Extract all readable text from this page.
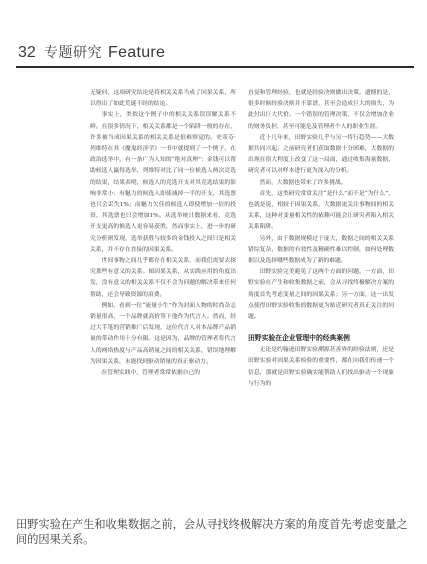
32 专题研究 Feature

无疑问，这项研究结论是将相关关系当成了因果关系，所以得出了如此荒诞不经的结论。

事实上，类似这个例子中的相关关系误误解关系不鲜。在很多情况下，相关关系都是一个陷阱一般的存在，许多被当成因果关系的相关关系是很难察觉的。史蒂芬·列维特在其《魔鬼经济学》一书中就提到了一个例子。在政治选举中，有一条广为人知的“绝对真理”：金钱可以帮助候选人赢得选举，列维特对比了同一位候选人两次竞选的结果，结果表明，候选人的竞选开支对其竞选结果的影响非常小：有魅力的候选人即使减掉一半的开支，其选票也只会丢失1%；而魅力欠佳的候选人即使增加一倍的投资，其选票也只会增加1%。从选举统计数据来看，竞选开支更高的候选人更容易获胜，然而事实上，进一步的研究分析则发现，选举获胜与较多的金钱投入之间只是相关关系，并不存在直接的因果关系。

世间事物之间几乎都存在相关关系，而我们需要去探究那些有意义的关系。图因果关系，从实践应用的角度出发，没有意义的相关关系不仅不会为问题的解决带来任何帮助，还会导致资源的浪费。

例如，看到一位“流量小生”作为封面人物的时尚杂志销量很高，一个品牌就高价签下他作为代言人。然而，经过大手笔的营销推广后发现，这位代言人对本品牌产品销量的带动作用十分有限。这是因为，品牌的管理者将代言人的网络热度与产品高销量之间的相关关系，错误地理解为因果关系，未能找到驱动销量的真正驱动力。

在管理实践中，管理者常常依据自己的

直觉和管理经验，也就是经验决则做出决策。遗憾的是，很多时候经验决则并不靠谱，甚至会造成巨大的损失，为此付出巨大代价。一个错误的管理决策，不仅会增加企业的财务负担，甚至可能危及管理者个人的职业生涯。

近十几年来，田野实验几乎与另一将行趋势——大数据共同兴起。之前研究者们获取数据十分困难，大数据的出现在很大程度上改变了这一局面，通过收集海量数据，研究者可以对样本进行更为深入的分析。

然而，大数据也带来了许多挑战。

首先，这类研究常常关注“是什么”而不是“为什么”，也就是说，相较于因果关系，大数据更关注事物间的相关关系，这种对变量相关性的依赖可能会让研究者陷入相关关系陷阱。

另外，由于数据规模过于庞大，数据之间的相关关系错综复杂，数据的有效性及精确性难以控制，如何处理数据以及选择哪些数据成为了新的难题。

田野实验完美避免了这两个方面的问题。一方面，田野实验在产生和收集数据之前，会从寻找终极解决方案的角度首先考虑变量之间的因果关系；另一方面，这一出发点使得田野实验收集的数据更为贴近研究者真正关注的问题。

田野实验在企业管理中的经典案例

无论是约翰逊田野实验溯源甚善界的经验法则，还是田野实验对因果关系检验的重要性，都在向我们传递一个信息，那就是田野实验确实能帮助人们找出驱动一个现象与行为的

田野实验在产生和收集数据之前，会从寻找终极解决方案的角度首先考虑变量之间的因果关系。
